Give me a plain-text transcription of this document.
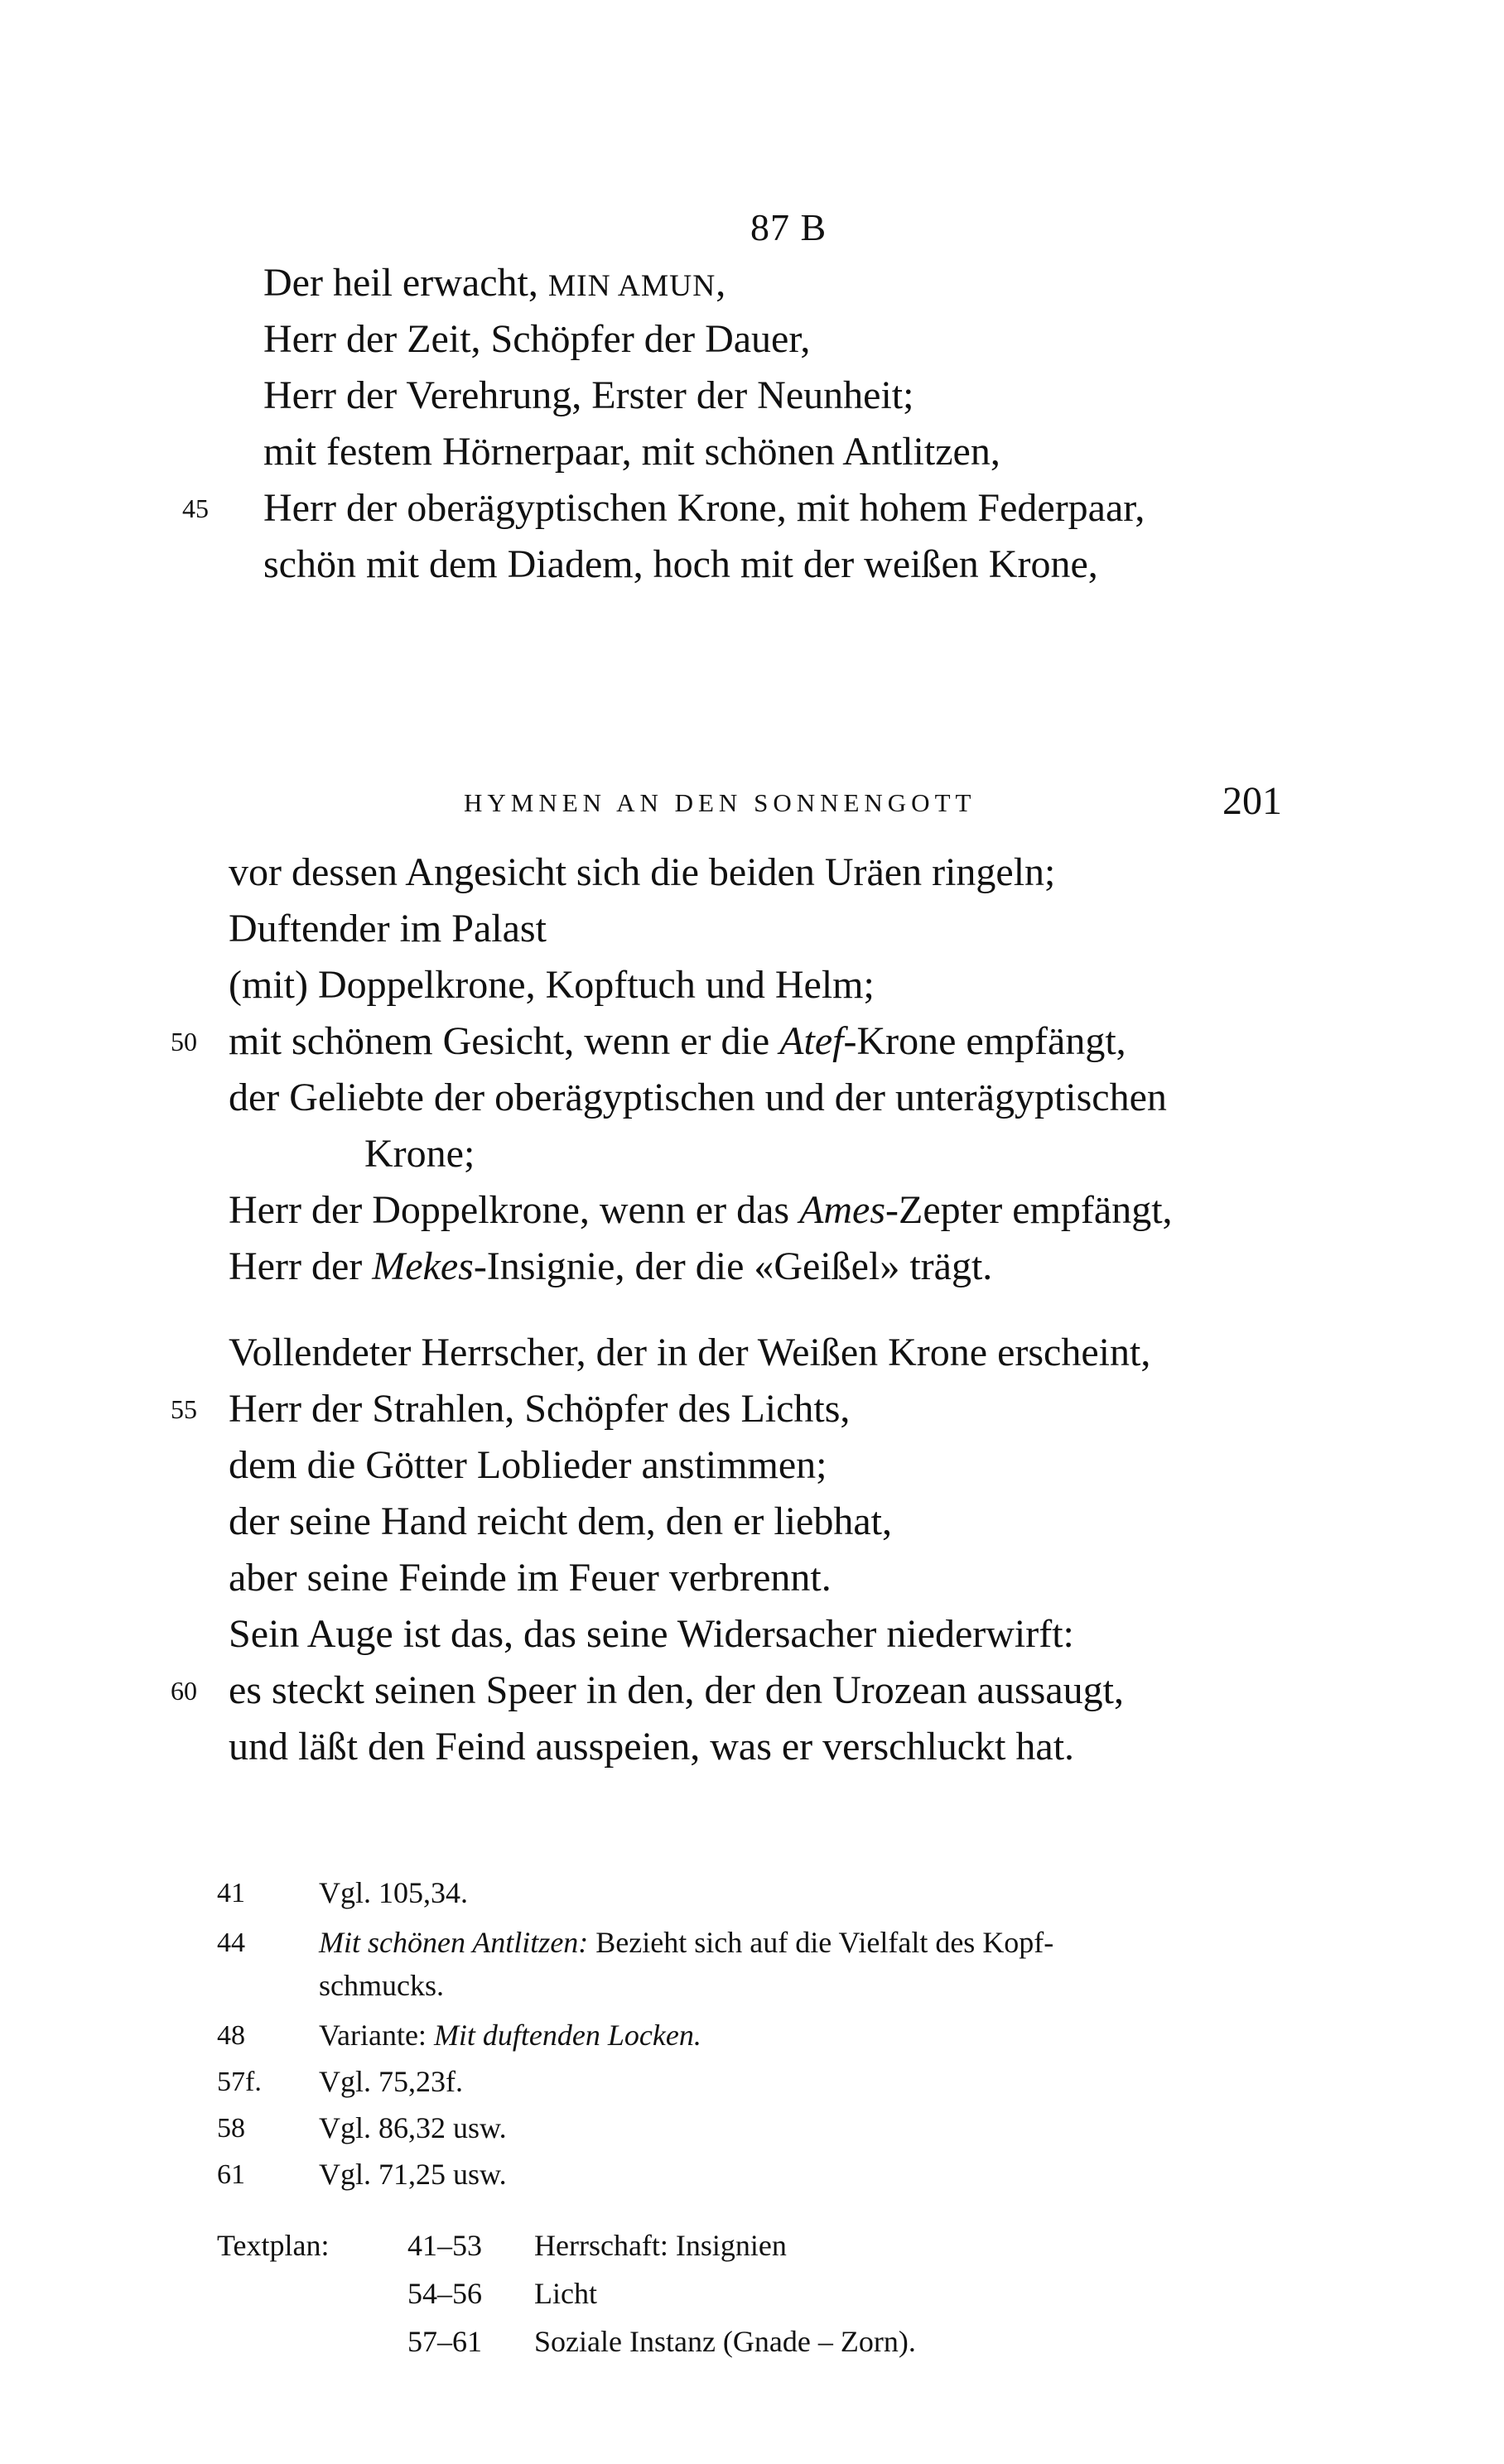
87 B
Der heil erwacht, MIN AMUN,
Herr der Zeit, Schöpfer der Dauer,
Herr der Verehrung, Erster der Neunheit;
mit festem Hörnerpaar, mit schönen Antlitzen,
45 Herr der oberägyptischen Krone, mit hohem Federpaar,
schön mit dem Diadem, hoch mit der weißen Krone,
HYMNEN AN DEN SONNENGOTT	201
vor dessen Angesicht sich die beiden Uräen ringeln;
Duftender im Palast
(mit) Doppelkrone, Kopftuch und Helm;
50 mit schönem Gesicht, wenn er die Atef-Krone empfängt,
der Geliebte der oberägyptischen und der unterägyptischen
Krone;
Herr der Doppelkrone, wenn er das Ames-Zepter empfängt,
Herr der Mekes-Insignie, der die «Geißel» trägt.
Vollendeter Herrscher, der in der Weißen Krone erscheint,
55 Herr der Strahlen, Schöpfer des Lichts,
dem die Götter Loblieder anstimmen;
der seine Hand reicht dem, den er liebhat,
aber seine Feinde im Feuer verbrennt.
Sein Auge ist das, das seine Widersacher niederwirft:
60 es steckt seinen Speer in den, der den Urozean aussaugt,
und läßt den Feind ausspeien, was er verschluckt hat.
41 Vgl. 105,34.
44 Mit schönen Antlitzen: Bezieht sich auf die Vielfalt des Kopf-
schmucks.
48 Variante: Mit duftenden Locken.
57f. Vgl. 75,23f.
58 Vgl. 86,32 usw.
61 Vgl. 71,25 usw.
Textplan:	41–53 Herrschaft: Insignien
54–56 Licht
57–61 Soziale Instanz (Gnade – Zorn).
